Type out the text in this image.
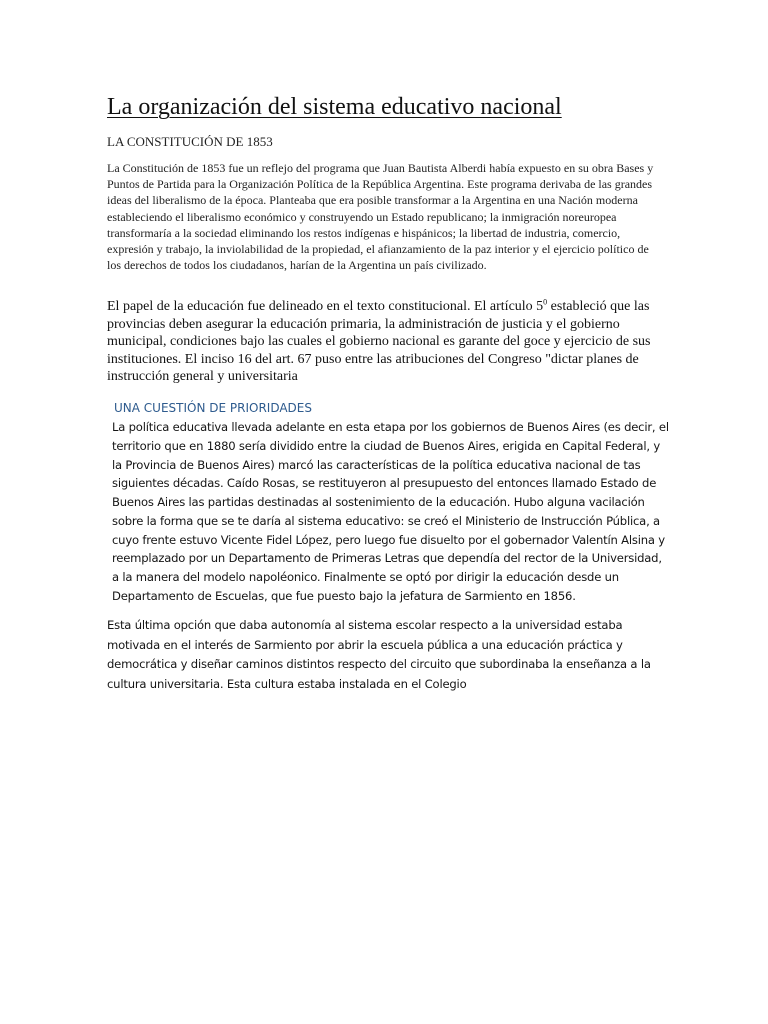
La organización del sistema educativo nacional

LA CONSTITUCIÓN DE 1853

La Constitución de 1853 fue un reflejo del programa que Juan Bautista Alberdi había expuesto en su obra Bases y Puntos de Partida para la Organización Política de la República Argentina. Este programa derivaba de las grandes ideas del liberalismo de la época. Planteaba que era posible transformar a la Argentina en una Nación moderna estableciendo el liberalismo económico y construyendo un Estado republicano; la inmigración noreuropea transformaría a la sociedad eliminando los restos indígenas e hispánicos; la libertad de industria, comercio, expresión y trabajo, la inviolabilidad de la propiedad, el afianzamiento de la paz interior y el ejercicio político de los derechos de todos los ciudadanos, harían de la Argentina un país civilizado.

El papel de la educación fue delineado en el texto constitucional. El artículo $5^0$ estableció que las provincias deben asegurar la educación primaria, la administración de justicia y el gobierno municipal, condiciones bajo las cuales el gobierno nacional es garante del goce y ejercicio de sus instituciones. El inciso 16 del art. 67 puso entre las atribuciones del Congreso "dictar planes de instrucción general y universitaria

UNA CUESTIÓN DE PRIORIDADES

La política educativa llevada adelante en esta etapa por los gobiernos de Buenos Aires (es decir, el territorio que en 1880 sería dividido entre la ciudad de Buenos Aires, erigida en Capital Federal, y la Provincia de Buenos Aires) marcó las características de la política educativa nacional de tas siguientes décadas. Caído Rosas, se restituyeron al presupuesto del entonces llamado Estado de Buenos Aires las partidas destinadas al sostenimiento de la educación. Hubo alguna vacilación sobre la forma que se te daría al sistema educativo: se creó el Ministerio de Instrucción Pública, a cuyo frente estuvo Vicente Fidel López, pero luego fue disuelto por el gobernador Valentín Alsina y reemplazado por un Departamento de Primeras Letras que dependía del rector de la Universidad, a la manera del modelo napoléonico. Finalmente se optó por dirigir la educación desde un Departamento de Escuelas, que fue puesto bajo la jefatura de Sarmiento en 1856.

Esta última opción que daba autonomía al sistema escolar respecto a la universidad estaba motivada en el interés de Sarmiento por abrir la escuela pública a una educación práctica y democrática y diseñar caminos distintos respecto del circuito que subordinaba la enseñanza a la cultura universitaria. Esta cultura estaba instalada en el Colegio
